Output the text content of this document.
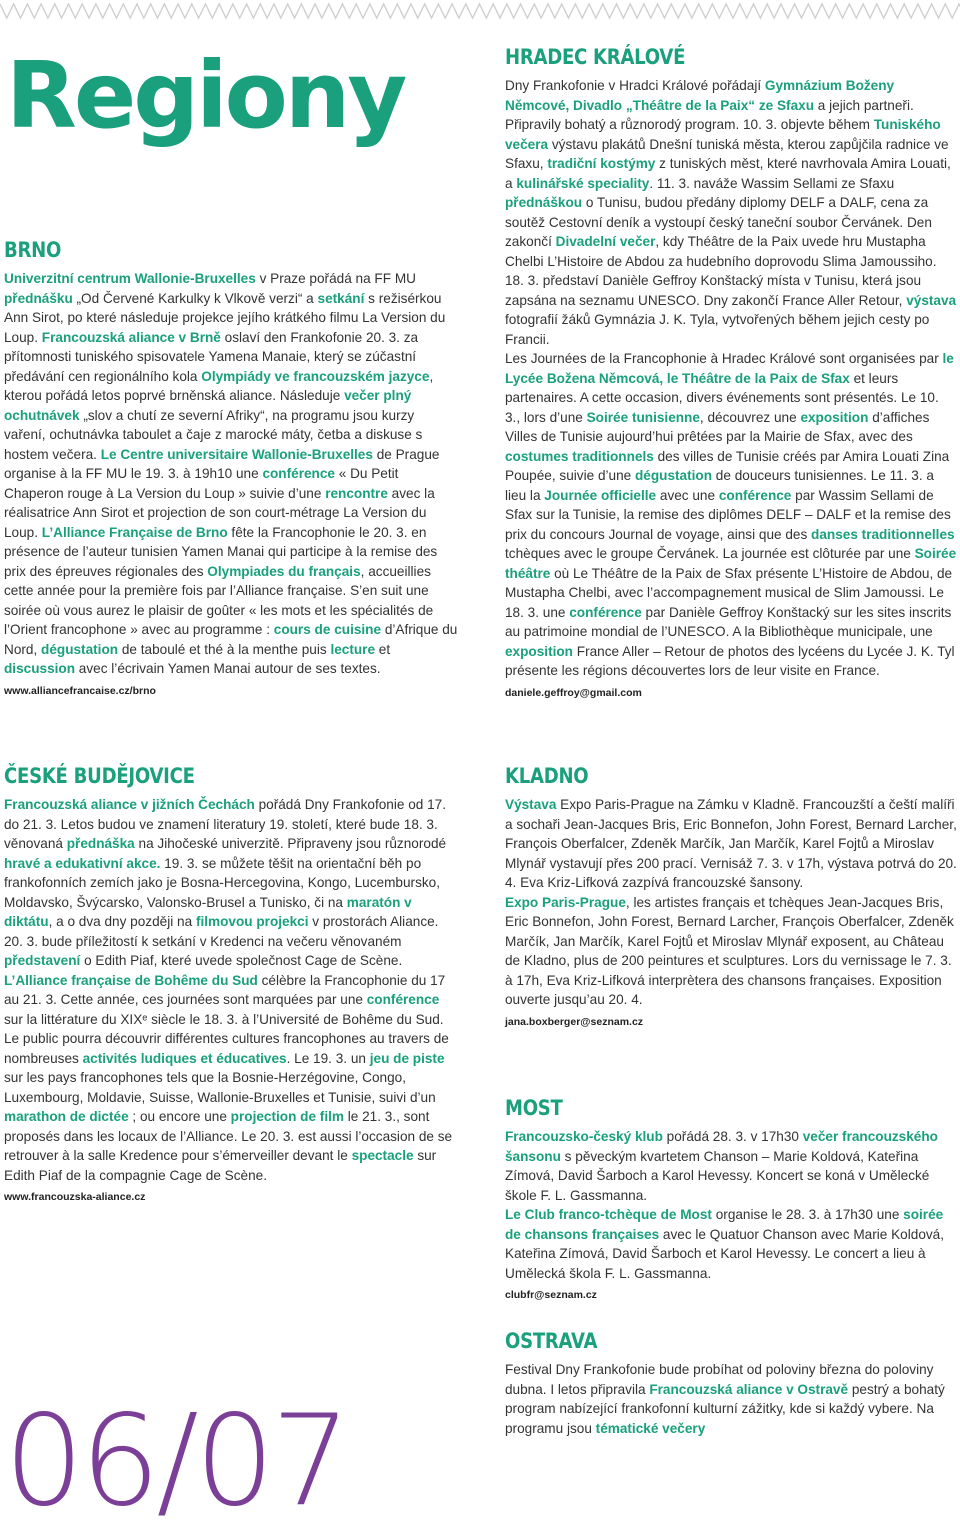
Regiony
BRNO

Univerzitní centrum Wallonie-Bruxelles v Praze pořádá na FF MU přednášku „Od Červené Karkulky k Vlkově verzi“ a setkání s režisérkou Ann Sirot, po které následuje projekce jejího krátkého filmu La Version du Loup. Francouzská aliance v Brně oslaví den Frankofonie 20. 3. za přítomnosti tuniského spisovatele Yamena Manaie, který se zúčastní předávání cen regionálního kola Olympiády ve francouzském jazyce, kterou pořádá letos poprvé brněnská aliance. Následuje večer plný ochutnávek „slov a chutí ze severní Afriky“, na programu jsou kurzy vaření, ochutnávka taboulet a čaje z marocké máty, četba a diskuse s hostem večera. Le Centre universitaire Wallonie-Bruxelles de Prague organise à la FF MU le 19. 3. à 19h10 une conférence « Du Petit Chaperon rouge à La Version du Loup » suivie d’une rencontre avec la réalisatrice Ann Sirot et projection de son court-métrage La Version du Loup. L’Alliance Française de Brno fête la Francophonie le 20. 3. en présence de l’auteur tunisien Yamen Manai qui participe à la remise des prix des épreuves régionales des Olympiades du français, accueillies cette année pour la première fois par l’Alliance française. S’en suit une soirée où vous aurez le plaisir de goûter « les mots et les spécialités de l’Orient francophone » avec au programme : cours de cuisine d’Afrique du Nord, dégustation de taboulé et thé à la menthe puis lecture et discussion avec l’écrivain Yamen Manai autour de ses textes.

www.alliancefrancaise.cz/brno
ČESKÉ BUDĚJOVICE

Francouzská aliance v jižních Čechách pořádá Dny Frankofonie od 17. do 21. 3. Letos budou ve znamení literatury 19. století, které bude 18. 3. věnovaná přednáška na Jihočeské univerzitě. Připraveny jsou různorodé hravé a edukativní akce. 19. 3. se můžete těšit na orientační běh po frankofonních zemích jako je Bosna-Hercegovina, Kongo, Lucembursko, Moldavsko, Švýcarsko, Valonsko-Brusel a Tunisko, či na maratón v diktátu, a o dva dny později na filmovou projekci v prostorách Aliance. 20. 3. bude příležitostí k setkání v Kredenci na večeru věnovaném představení o Edith Piaf, které uvede společnost Cage de Scène. L’Alliance française de Bohême du Sud célèbre la Francophonie du 17 au 21. 3. Cette année, ces journées sont marquées par une conférence sur la littérature du XIXᵉ siècle le 18. 3. à l’Université de Bohême du Sud. Le public pourra découvrir différentes cultures francophones au travers de nombreuses activités ludiques et éducatives. Le 19. 3. un jeu de piste sur les pays francophones tels que la Bosnie-Herzégovine, Congo, Luxembourg, Moldavie, Suisse, Wallonie-Bruxelles et Tunisie, suivi d’un marathon de dictée ; ou encore une projection de film le 21. 3., sont proposés dans les locaux de l’Alliance. Le 20. 3. est aussi l’occasion de se retrouver à la salle Kredence pour s’émerveiller devant le spectacle sur Edith Piaf de la compagnie Cage de Scène.

www.francouzska-aliance.cz
HRADEC KRÁLOVÉ

Dny Frankofonie v Hradci Králové pořádají Gymnázium Boženy Němcové, Divadlo „Théâtre de la Paix“ ze Sfaxu a jejich partneři. Připravily bohatý a různorodý program. 10. 3. objevte během Tuniského večera výstavu plakátů Dnešní tuniská města, kterou zapůjčila radnice ve Sfaxu, tradiční kostýmy z tuniských měst, které navrhovala Amira Louati, a kulinářské speciality. 11. 3. naváže Wassim Sellami ze Sfaxu přednáškou o Tunisu, budou předány diplomy DELF a DALF, cena za soutěž Cestovní deník a vystoupí český taneční soubor Červánek. Den zakončí Divadelní večer, kdy Théâtre de la Paix uvede hru Mustapha Chelbi L’Histoire de Abdou za hudebního doprovodu Slima Jamoussiho. 18. 3. představí Danièle Geffroy Konštacký místa v Tunisu, která jsou zapsána na seznamu UNESCO. Dny zakončí France Aller Retour, výstava fotografií žáků Gymnázia J. K. Tyla, vytvořených během jejich cesty po Francii.

Les Journées de la Francophonie à Hradec Králové sont organisées par le Lycée Božena Němcová, le Théâtre de la Paix de Sfax et leurs partenaires. A cette occasion, divers événements sont présentés. Le 10. 3., lors d’une Soirée tunisienne, découvrez une exposition d’affiches Villes de Tunisie aujourd’hui prêtées par la Mairie de Sfax, avec des costumes traditionnels des villes de Tunisie créés par Amira Louati Zina Poupée, suivie d’une dégustation de douceurs tunisiennes. Le 11. 3. a lieu la Journée officielle avec une conférence par Wassim Sellami de Sfax sur la Tunisie, la remise des diplômes DELF – DALF et la remise des prix du concours Journal de voyage, ainsi que des danses traditionnelles tchèques avec le groupe Červánek. La journée est clôturée par une Soirée théâtre où Le Théâtre de la Paix de Sfax présente L’Histoire de Abdou, de Mustapha Chelbi, avec l’accompagnement musical de Slim Jamoussi. Le 18. 3. une conférence par Danièle Geffroy Konštacký sur les sites inscrits au patrimoine mondial de l’UNESCO. A la Bibliothèque municipale, une exposition France Aller – Retour de photos des lycéens du Lycée J. K. Tyl présente les régions découvertes lors de leur visite en France.

daniele.geffroy@gmail.com
KLADNO

Výstava Expo Paris-Prague na Zámku v Kladně. Francouzští a čeští malíři a sochaři Jean-Jacques Bris, Eric Bonnefon, John Forest, Bernard Larcher, François Oberfalcer, Zdeněk Marčík, Jan Marčík, Karel Fojtů a Miroslav Mlynář vystavují přes 200 prací. Vernisáž 7. 3. v 17h, výstava potrvá do 20. 4. Eva Kriz-Lifková zazpívá francouzské šansony.

Expo Paris-Prague, les artistes français et tchèques Jean-Jacques Bris, Eric Bonnefon, John Forest, Bernard Larcher, François Oberfalcer, Zdeněk Marčík, Jan Marčík, Karel Fojtů et Miroslav Mlynář exposent, au Château de Kladno, plus de 200 peintures et sculptures. Lors du vernissage le 7. 3. à 17h, Eva Kriz-Lifková interprètera des chansons françaises. Exposition ouverte jusqu’au 20. 4.

jana.boxberger@seznam.cz
MOST

Francouzsko-český klub pořádá 28. 3. v 17h30 večer francouzského šansonu s pěveckým kvartetem Chanson – Marie Koldová, Kateřina Zímová, David Šarboch a Karol Hevessy. Koncert se koná v Umělecké škole F. L. Gassmanna.

Le Club franco-tchèque de Most organise le 28. 3. à 17h30 une soirée de chansons françaises avec le Quatuor Chanson avec Marie Koldová, Kateřina Zímová, David Šarboch et Karol Hevessy. Le concert a lieu à Umělecká škola F. L. Gassmanna.

clubfr@seznam.cz
OSTRAVA

Festival Dny Frankofonie bude probíhat od poloviny března do poloviny dubna. I letos připravila Francouzská aliance v Ostravě pestrý a bohatý program nabízející frankofonní kulturní zážitky, kde si každý vybere. Na programu jsou tématické večery

06/07
